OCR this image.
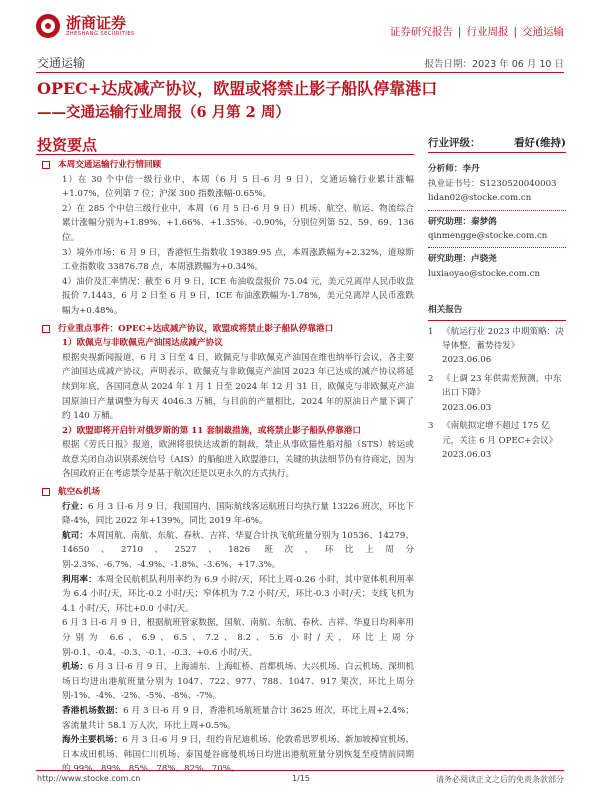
浙商证券
ZHESHANG SECURITIES	证券研究报告 | 行业周报 | 交通运输
交通运输	报告日期：2023 年 06 月 10 日
OPEC+达成减产协议，欧盟或将禁止影子船队停靠港口
——交通运输行业周报（6 月第 2 周）
投资要点
本周交通运输行业行情回顾

1）在 30 个中信一级行业中，本周（6 月 5 日-6 月 9 日），交通运输行业累计涨幅+1.07%，位列第 7 位；沪深 300 指数涨幅-0.65%。

2）在 285 个中信三级行业中，本周（6 月 5 日-6 月 9 日）机场、航空、航运、物流综合累计涨幅分别为+1.89%、+1.66%、+1.35%、-0.90%，分别位列第 52、59、69、136 位。

3）境外市场：6 月 9 日，香港恒生指数收 19389.95 点，本周涨跌幅为+2.32%，道琼斯工业指数收 33876.78 点，本周涨跌幅为+0.34%。

4）油价及汇率情况：截至 6 月 9 日，ICE 布油收盘报价 75.04 元，美元兑离岸人民币收盘报价 7.1443，6 月 2 日至 6 月 9 日，ICE 布油涨跌幅为-1.78%，美元兑离岸人民币涨跌幅为+0.48%。

行业重点事件：OPEC+达成减产协议，欧盟或将禁止影子船队停靠港口
1）欧佩克与非欧佩克产油国达成减产协议

根据央视新闻报道，6 月 3 日至 4 日，欧佩克与非欧佩克产油国在维也纳举行会议，各主要产油国达成减产协议，声明表示，欧佩克与非欧佩克产油国 2023 年已达成的减产协议将延续到年底，各国同意从 2024 年 1 月 1 日至 2024 年 12 月 31 日，欧佩克与非欧佩克产油国原油日产量调整为每天 4046.3 万桶，与目前的产量相比，2024 年的原油日产量下调了约 140 万桶。

2）欧盟即将开启针对俄罗斯的第 11 套制裁措施，或将禁止影子船队停靠港口

根据《劳氏日报》报道，欧洲将很快达成新的制裁，禁止从事欧猫性船对船（STS）转运或故意关闭自动识别系统信号（AIS）的船舶进入欧盟港口，关键的执法细节仍有待商定，因为各国政府正在考虑禁令是基于航次还是以更永久的方式执行。

航空&机场

行业：6 月 3 日-6 月 9 日，我国国内、国际航线客运航班日均执行量 13226 班次，环比下降-4%，同比 2022 年+139%，同比 2019 年-6%。

航司：本周国航、南航、东航、春秋、吉祥、华夏合计执飞航班量分别为 10536、14279、14650、2710、2527、1826 班次，环比上周分别-2.3%、-6.7%、-4.9%、-1.8%、-3.6%、+17.3%。

利用率：本周全民航机队利用率约为 6.9 小时/天，环比上周-0.26 小时，其中宽体机利用率为 6.4 小时/天，环比-0.2 小时/天；窄体机为 7.2 小时/天，环比-0.3 小时/天；支线飞机为 4.1 小时/天，环比+0.0 小时/天。

6 月 3 日-6 月 9 日，根据航班管家数据，国航、南航、东航、春秋、吉祥、华夏日均利率用分别为 6.6、6.9、6.5、7.2、8.2、5.6 小时/天，环比上周分别-0.1、-0.4、-0.3、-0.1、-0.3、+0.6 小时/天。

机场：6 月 3 日-6 月 9 日，上海浦东、上海虹桥、首都机场、大兴机场、白云机场、深圳机场日均进出港航班量分别为 1047、722、977、788、1047、917 架次，环比上周分别-1%、-4%、-2%、-5%、-8%、-7%。

香港机场数据：6 月 3 日-6 月 9 日，香港机场航班量合计 3625 班次，环比上周+2.4%；客流量共计 58.1 万人次，环比上周+0.5%。

海外主要机场：6 月 3 日-6 月 9 日，纽约肯尼迪机场、伦敦希思罗机场、新加坡樟宜机场、日本成田机场、韩国仁川机场、泰国曼谷廊曼机场日均进出港航班量分别恢复至疫情前同期的 99%、89%、85%、78%、82%、70%。

行业评级：	看好(维持)
分析师：李丹
执业证书号：S1230520040003
lidan02@stocke.com.cn
研究助理：秦梦鸽
qinmengge@stocke.com.cn
研究助理：卢骁尧
luxiaoyao@stocke.com.cn
相关报告
1 《航运行业 2023 中期策略：决导体整，蓄势待发》
2023.06.06
2 《上调 23 年供需差预测，中东出口下降》
2023.06.03
3 《南航拟定增不超过 175 亿元，关注 6 月 OPEC+会议》
2023.06.03
http://www.stocke.com.cn	1/15	请务必阅读正文之后的免责条款部分
